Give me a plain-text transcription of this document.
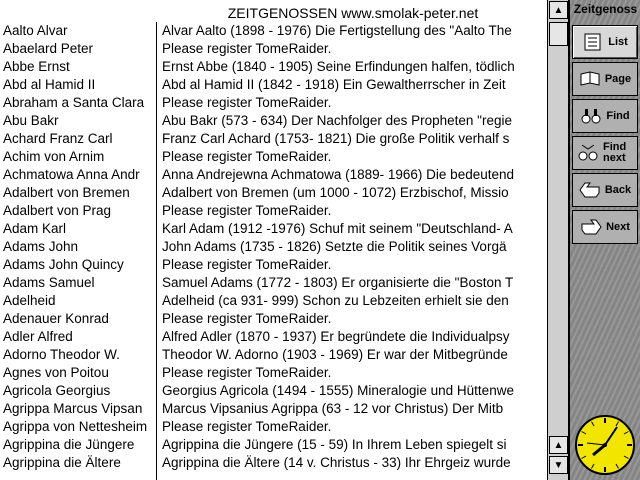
ZEITGENOSSEN www.smolak-peter.net
Aalto Alvar
Abaelard Peter
Abbe Ernst
Abd al Hamid II
Abraham a Santa Clara
Abu Bakr
Achard Franz Carl
Achim von Arnim
Achmatowa Anna Andr
Adalbert von Bremen
Adalbert von Prag
Adam Karl
Adams John
Adams John Quincy
Adams Samuel
Adelheid
Adenauer Konrad
Adler Alfred
Adorno Theodor W.
Agnes von Poitou
Agricola Georgius
Agrippa Marcus Vipsan
Agrippa von Nettesheim
Agrippina die Jüngere
Agrippina die Ältere
Alvar Aalto (1898 - 1976) Die Fertigstellung des "Aalto The
Please register TomeRaider.
Ernst Abbe (1840 - 1905) Seine Erfindungen halfen, tödlich
Abd al Hamid II (1842 - 1918) Ein Gewaltherrscher in Zeit
Please register TomeRaider.
Abu Bakr (573 - 634) Der Nachfolger des Propheten "regie
Franz Carl Achard (1753- 1821) Die große Politik verhalf s
Please register TomeRaider.
Anna Andrejewna Achmatowa (1889- 1966) Die bedeutend
Adalbert von Bremen (um 1000 - 1072) Erzbischof, Missio
Please register TomeRaider.
Karl Adam (1912 -1976) Schuf mit seinem "Deutschland- A
John Adams (1735 - 1826) Setzte die Politik seines Vorgä
Please register TomeRaider.
Samuel Adams (1772 - 1803) Er organisierte die "Boston T
Adelheid (ca 931- 999) Schon zu Lebzeiten erhielt sie den
Please register TomeRaider.
Alfred Adler (1870 - 1937) Er begründete die Individualpsy
Theodor W. Adorno (1903 - 1969) Er war der Mitbegründe
Please register TomeRaider.
Georgius Agricola (1494 - 1555) Mineralogie und Hüttenwe
Marcus Vipsanius Agrippa (63 - 12 vor Christus) Der Mitb
Please register TomeRaider.
Agrippina die Jüngere (15 - 59) In Ihrem Leben spiegelt si
Agrippina die Ältere (14 v. Christus - 33) Ihr Ehrgeiz wurde
▲
▲
▼
Zeitgenoss
List
Page
Find
Find next
Back
Next
